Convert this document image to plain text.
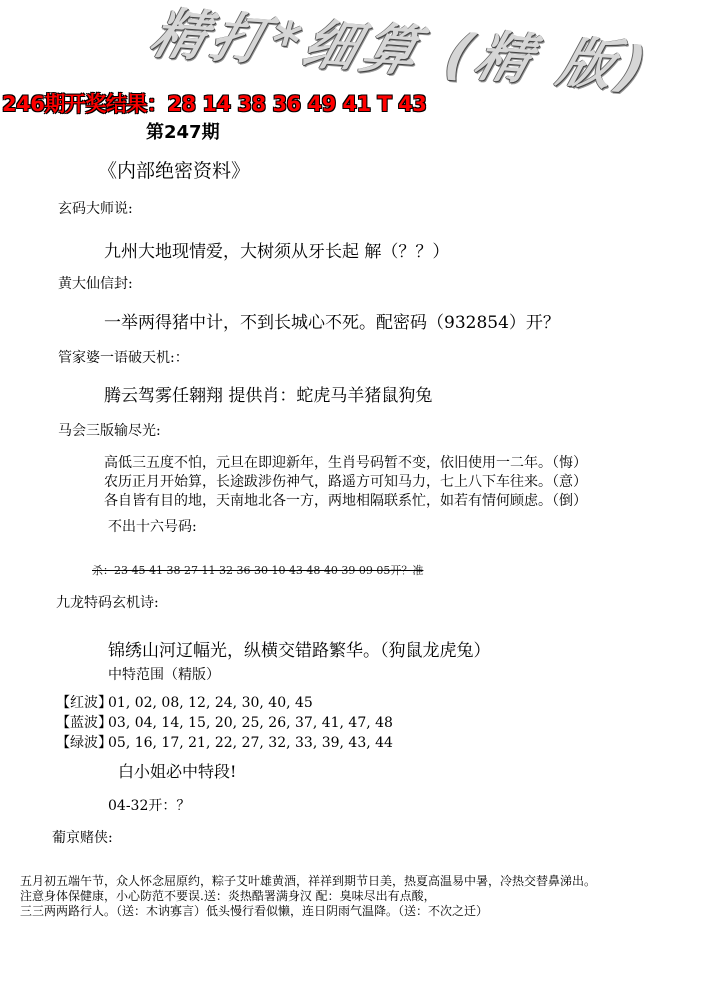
精打*细算 (精 版)
246期开奖结果：28 14 38 36 49 41 T 43
第247期
《内部绝密资料》
玄码大师说:
九州大地现情爱，大树须从牙长起 解（？？）
黄大仙信封:
一举两得猪中计，不到长城心不死。配密码（932854）开？
管家婆一语破天机:：
腾云驾雾任翱翔 提供肖：蛇虎马羊猪鼠狗兔
马会三版输尽光:
高低三五度不怕，元旦在即迎新年，生肖号码暂不变，依旧使用一二年。（悔）
农历正月开始算，长途跋涉伤神气，路遥方可知马力，七上八下车往来。（意）
各自皆有目的地，天南地北各一方，两地相隔联系忙，如若有情何顾虑。（倒）
不出十六号码:
杀：23 45 41 38 27 11 32 36 30 10 43 48 40 39 09 05开？准
九龙特码玄机诗:
锦绣山河辽幅光，纵横交错路繁华。（狗鼠龙虎兔）
中特范围（精版）
【红波】01, 02, 08, 12, 24, 30, 40, 45
【蓝波】03, 04, 14, 15, 20, 25, 26, 37, 41, 47, 48
【绿波】05, 16, 17, 21, 22, 27, 32, 33, 39, 43, 44
白小姐必中特段!
04-32开：？
葡京赌侠:
五月初五端午节，众人怀念屈原约，粽子艾叶雄黄酒，祥祥到期节日美，热夏高温易中暑，冷热交替鼻涕出。
注意身体保健康，小心防范不要误.送：炎热酷署满身汉 配：臭味尽出有点酸，
三三两两路行人。（送：木讷寡言）低头慢行看似懒，连日阴雨气温降。（送：不次之迁）
